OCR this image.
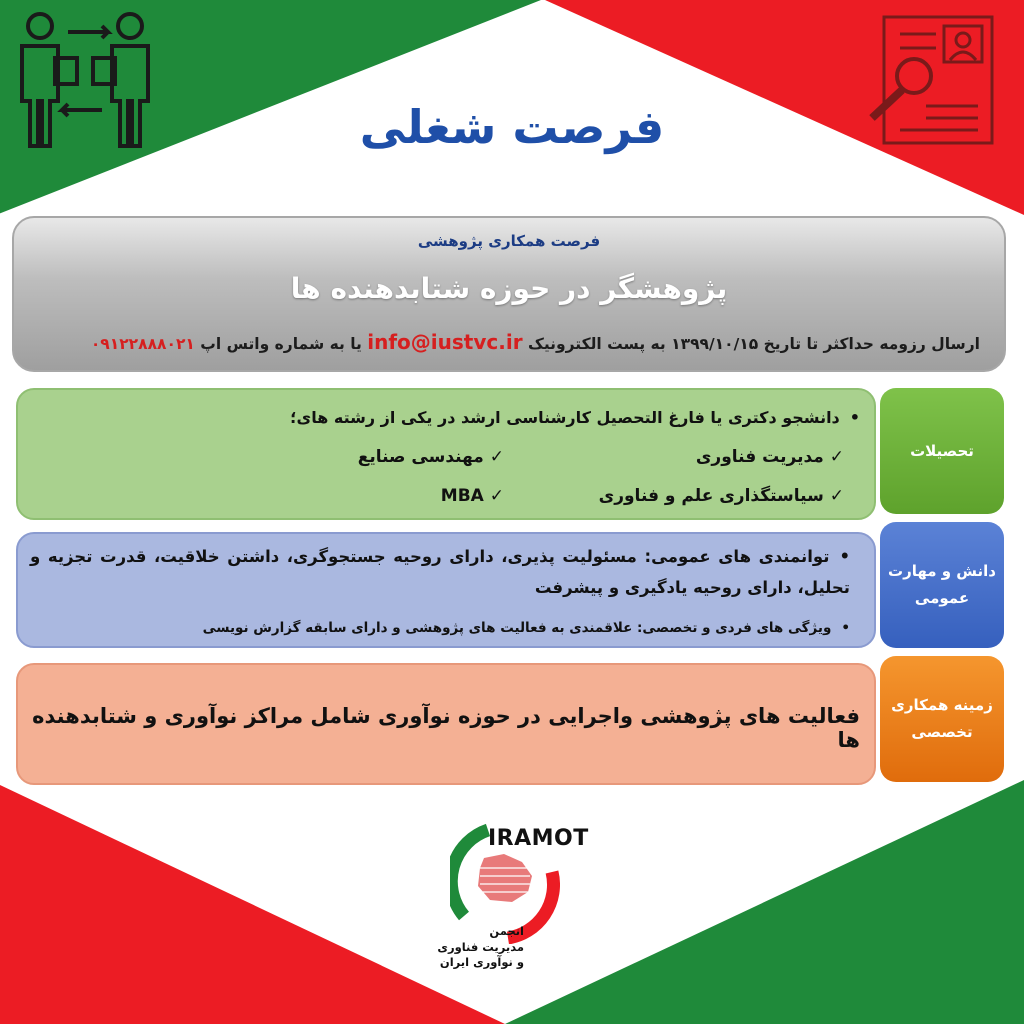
فرصت شغلی
فرصت همکاری پژوهشی
پژوهشگر در حوزه شتابدهنده ها
ارسال رزومه حداکثر تا تاریخ ۱۳۹۹/۱۰/۱۵ به پست الکترونیک info@iustvc.ir یا به شماره واتس اپ ۰۹۱۲۲۸۸۸۰۲۱
تحصیلات
• دانشجو دکتری یا فارغ التحصیل کارشناسی ارشد در یکی از رشته های؛
✓ مدیریت فناوری
✓ مهندسی صنایع
✓ سیاستگذاری علم و فناوری
✓ MBA
دانش و مهارت عمومی
• توانمندی های عمومی: مسئولیت پذیری، دارای روحیه جستجوگری، داشتن خلاقیت، قدرت تجزیه و تحلیل، دارای روحیه یادگیری و پیشرفت
• ویژگی های فردی و تخصصی: علاقمندی به فعالیت های پژوهشی و دارای سابقه گزارش نویسی
زمینه همکاری تخصصی
فعالیت های پژوهشی واجرایی در حوزه نوآوری شامل مراکز نوآوری و شتابدهنده ها
IRAMOT
انجمن
مدیریت فناوری
و نوآوری ایران
